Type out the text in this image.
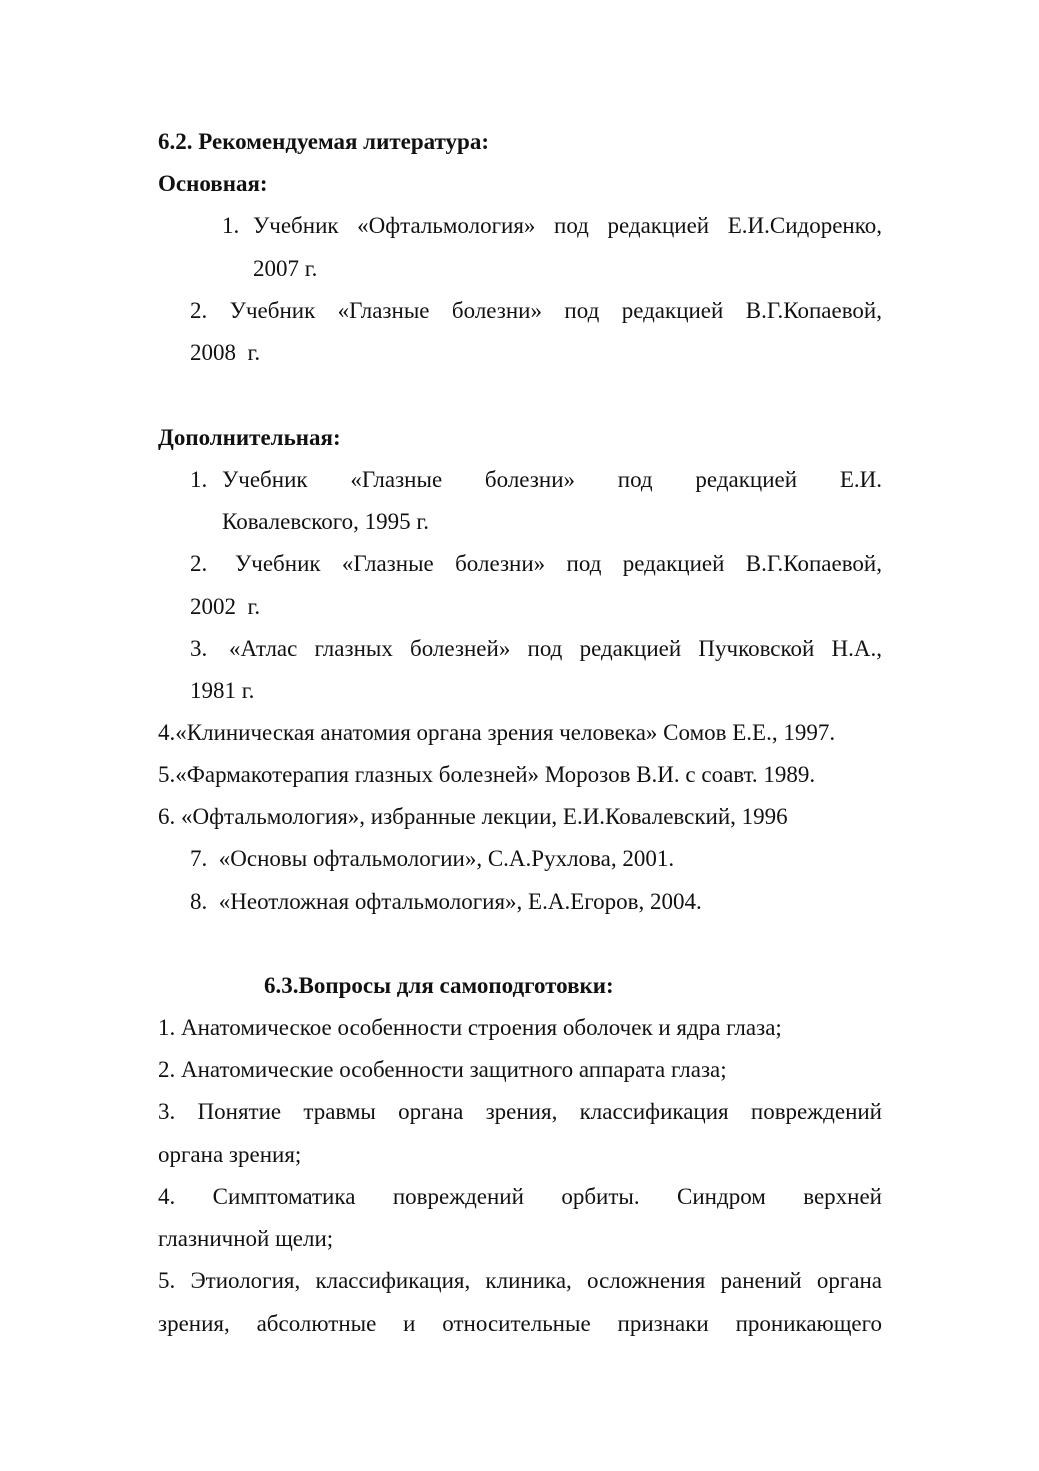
6.2. Рекомендуемая литература:
Основная:
1. Учебник «Офтальмология» под редакцией Е.И.Сидоренко,
2007 г.
2. Учебник «Глазные болезни» под редакцией В.Г.Копаевой,
2008  г.
Дополнительная:
1. Учебник «Глазные болезни» под редакцией Е.И.
Ковалевского, 1995 г.
2. Учебник «Глазные болезни» под редакцией В.Г.Копаевой,
2002  г.
3. «Атлас глазных болезней» под редакцией Пучковской Н.А.,
1981 г.
4.«Клиническая анатомия органа зрения человека» Сомов Е.Е., 1997.
5.«Фармакотерапия глазных болезней» Морозов В.И. с соавт. 1989.
6. «Офтальмология», избранные лекции, Е.И.Ковалевский, 1996
7.  «Основы офтальмологии», С.А.Рухлова, 2001.
8.  «Неотложная офтальмология», Е.А.Егоров, 2004.
6.3.Вопросы для самоподготовки:
1. Анатомическое особенности строения оболочек и ядра глаза;
2. Анатомические особенности защитного аппарата глаза;
3. Понятие травмы органа зрения, классификация повреждений
органа зрения;
4. Симптоматика повреждений орбиты. Синдром верхней
глазничной щели;
5. Этиология, классификация, клиника, осложнения ранений органа
зрения, абсолютные и относительные признаки проникающего
